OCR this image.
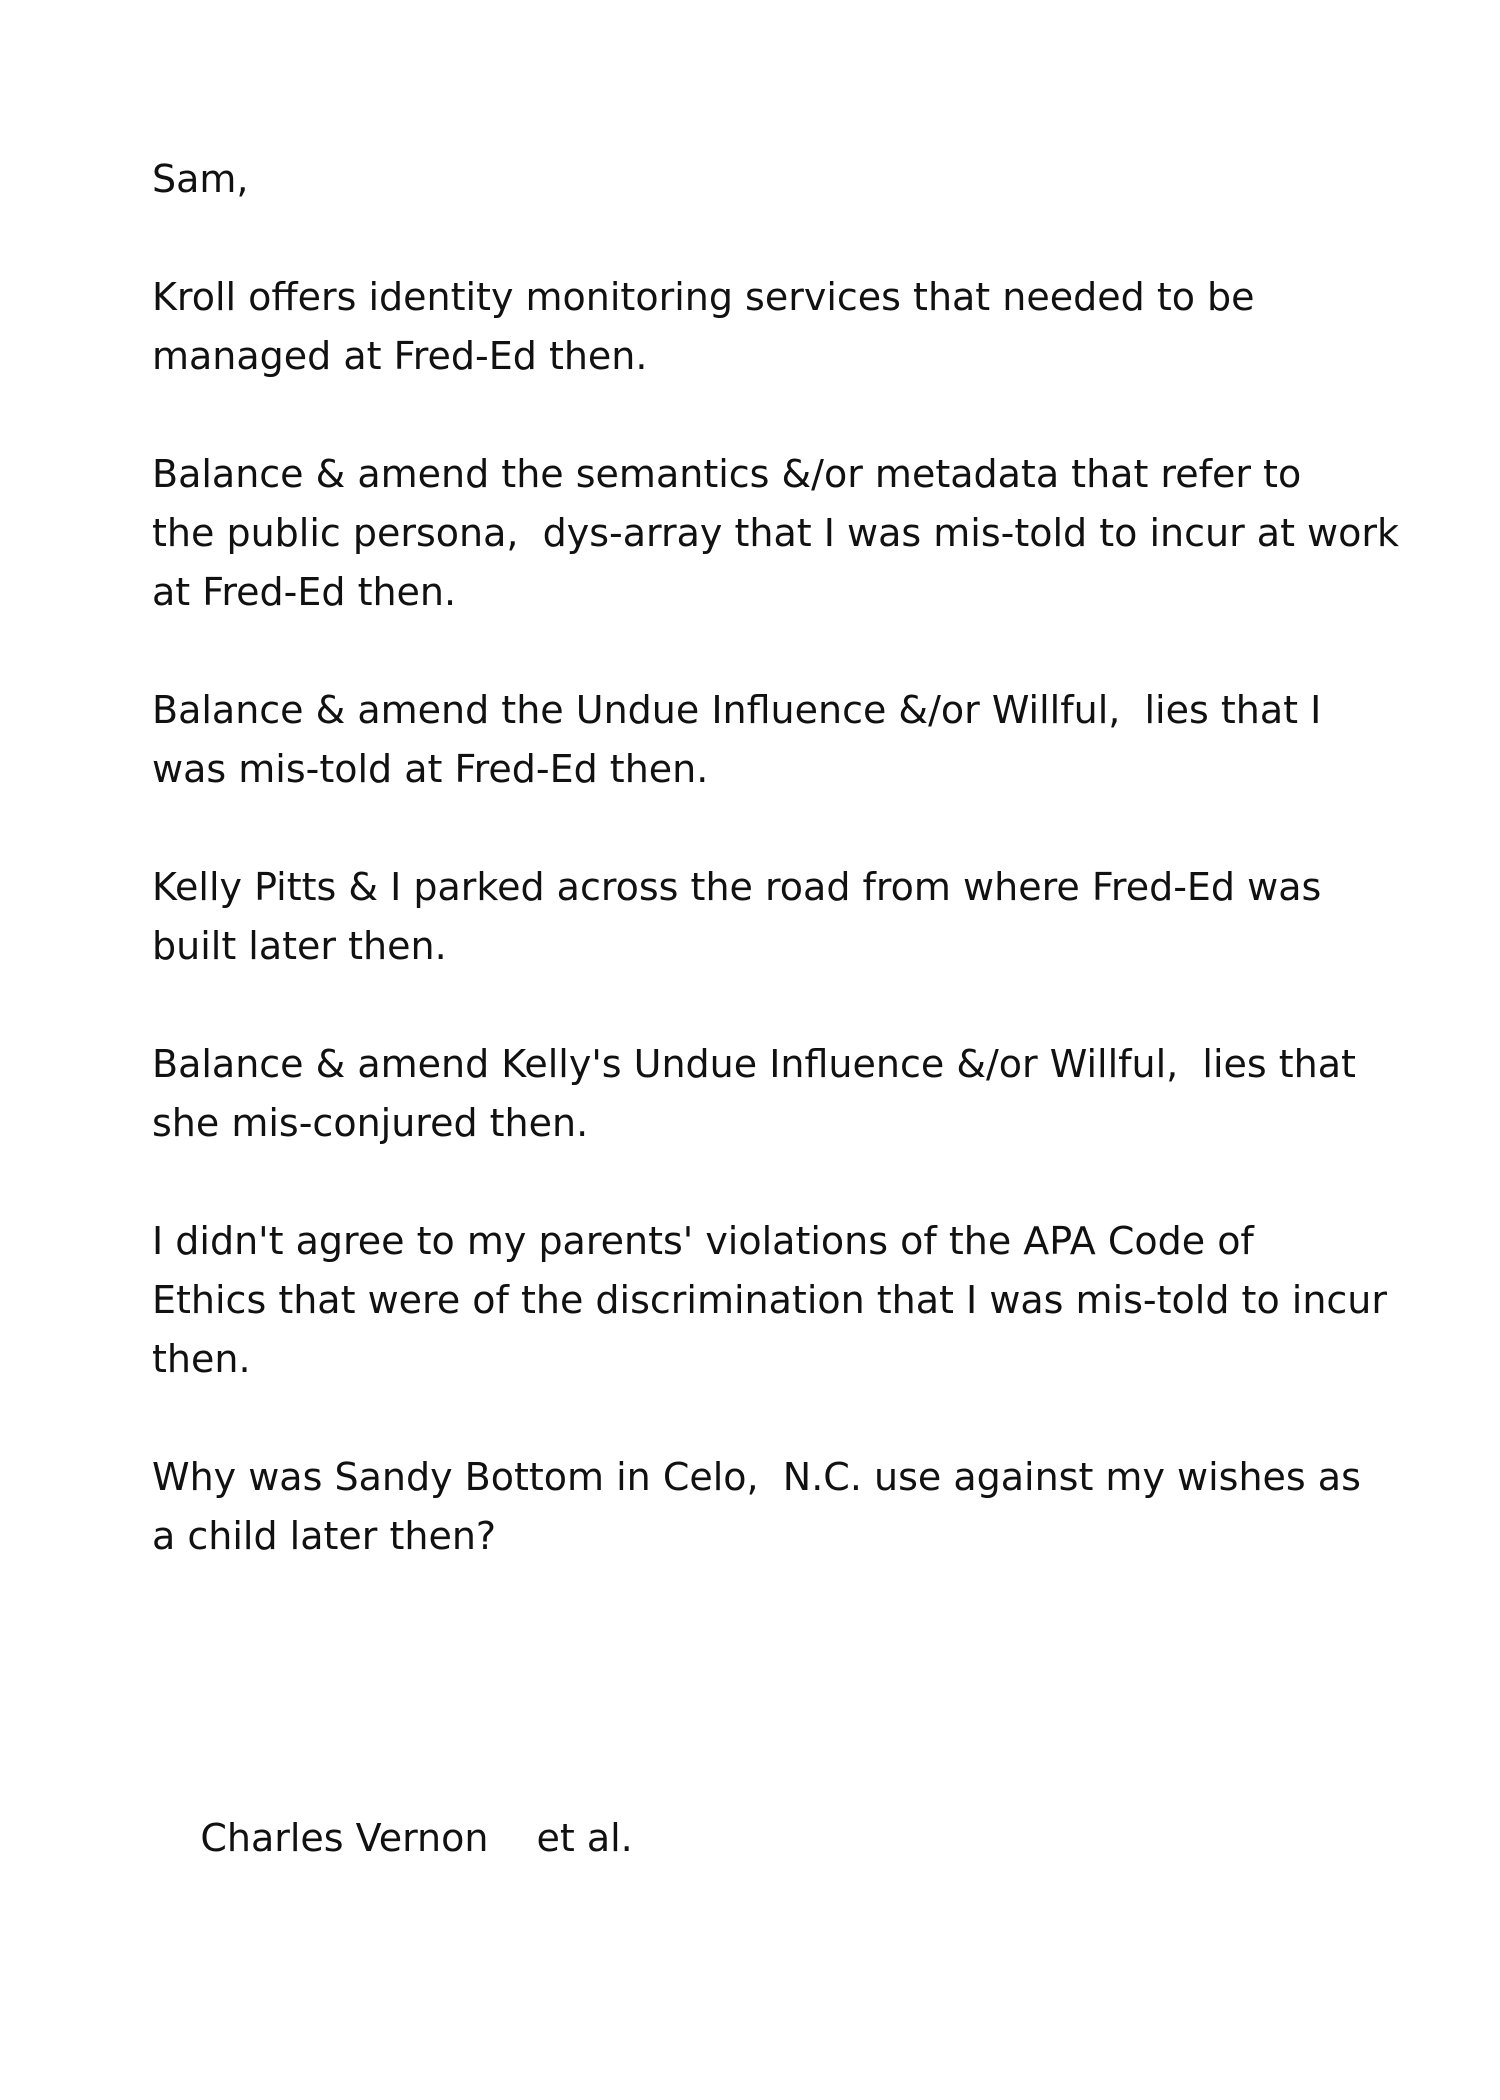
Sam,
Kroll offers identity monitoring services that needed to be
managed at Fred-Ed then.
Balance & amend the semantics &/or metadata that refer to
the public persona,  dys-array that I was mis-told to incur at work
at Fred-Ed then.
Balance & amend the Undue Influence &/or Willful,  lies that I
was mis-told at Fred-Ed then.
Kelly Pitts & I parked across the road from where Fred-Ed was
built later then.
Balance & amend Kelly's Undue Influence &/or Willful,  lies that
she mis-conjured then.
I didn't agree to my parents' violations of the APA Code of
Ethics that were of the discrimination that I was mis-told to incur
then.
Why was Sandy Bottom in Celo,  N.C. use against my wishes as
a child later then?

Charles Vernon et al.
